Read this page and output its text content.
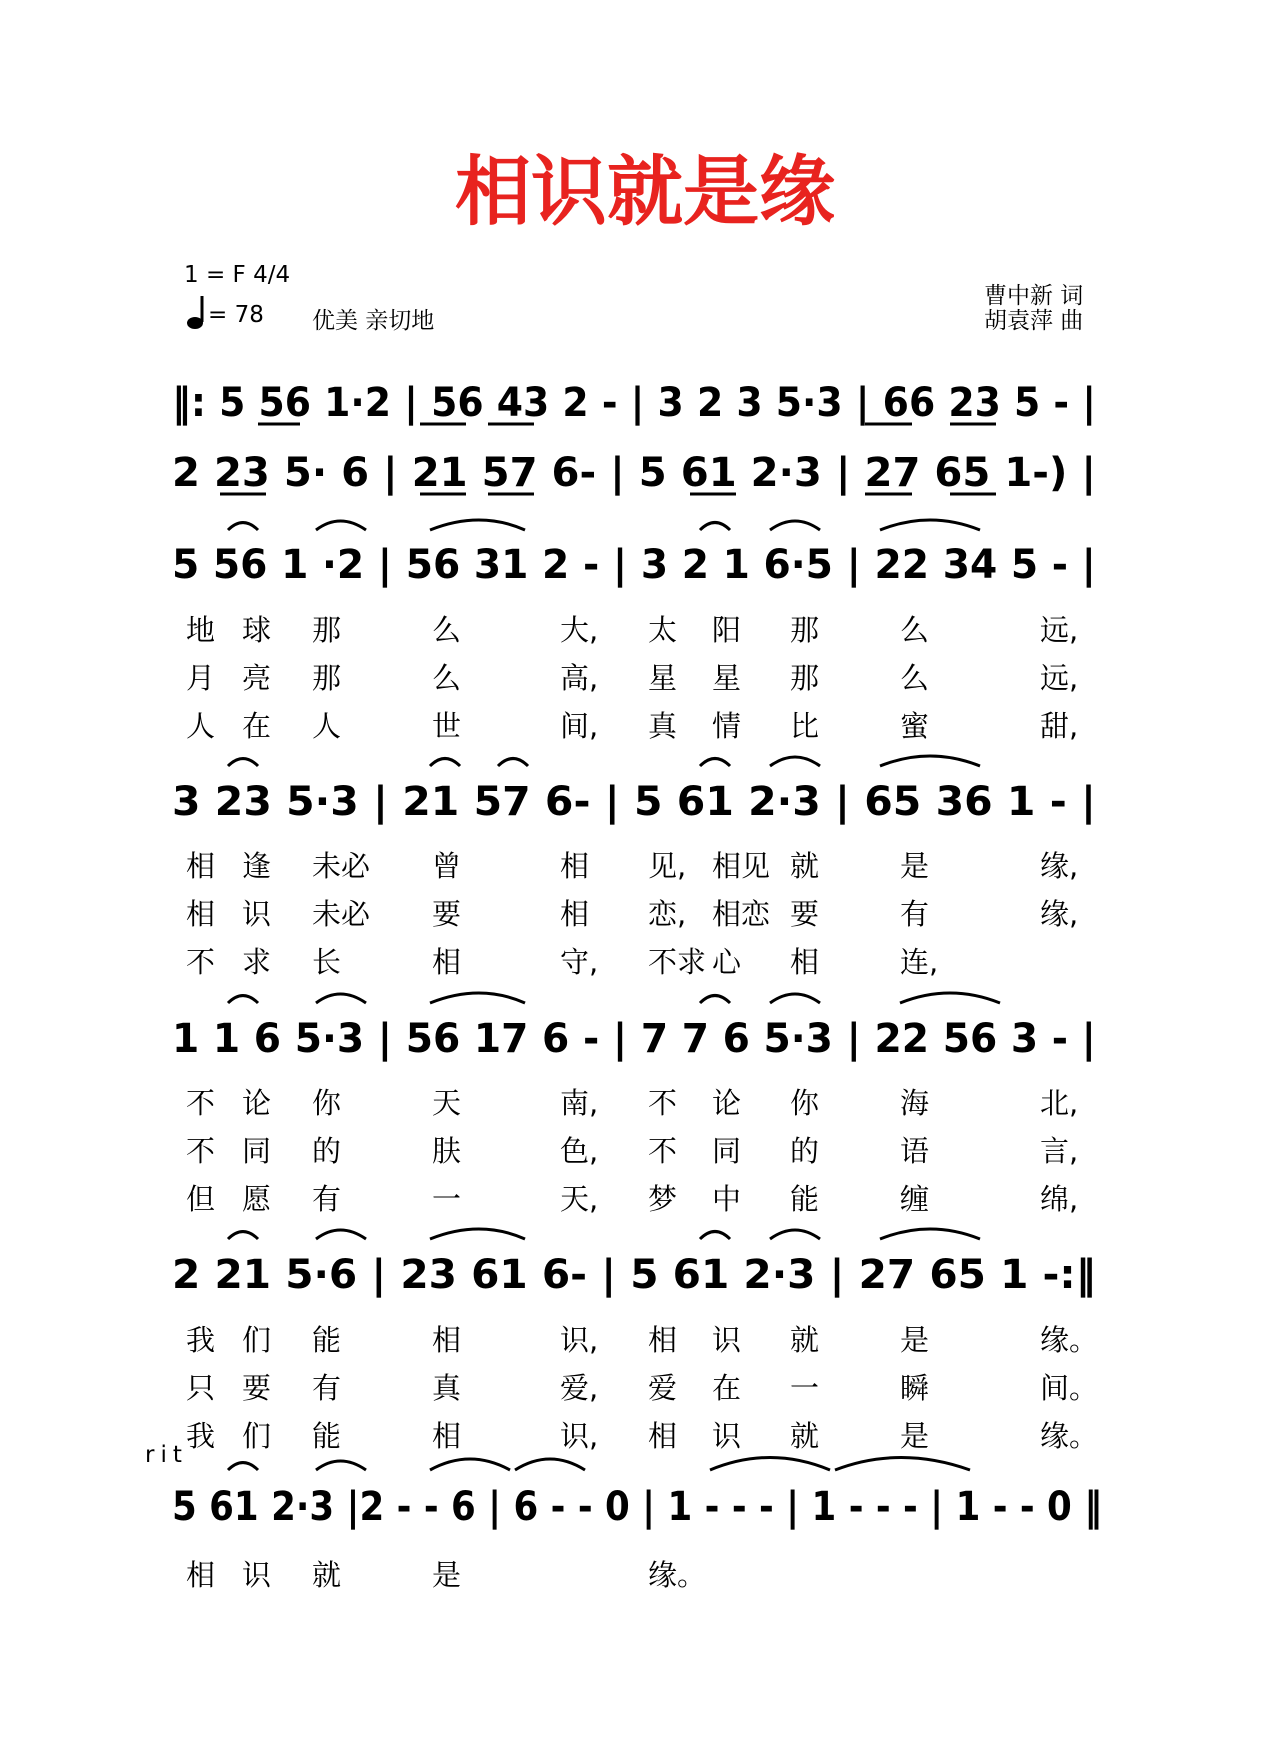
相识就是缘
1 = F 4/4
= 78 优美 亲切地
曹中新 词
胡袁萍 曲
‖: 5 56 1·2 | 56 43 2 - | 3 2 3 5·3 | 66 23 5 - |
2 23 5· 6 | 21 57 6- | 5 61 2·3 | 27 65 1-) |
5 56 1 ·2 | 56 31 2 - | 3 2 1 6·5 | 22 34 5 - |
3 23 5·3 | 21 57 6- | 5 61 2·3 | 65 36 1 - |
1 1 6 5·3 | 56 17 6 - | 7 7 6 5·3 | 22 56 3 - |
2 21 5·6 | 23 61 6- | 5 61 2·3 | 27 65 1 -:‖
rit
5 61 2·3 |2 - - 6 | 6 - - 0 | 1 - - - | 1 - - - | 1 - - 0 ‖
地 球 那	么	大, 太 阳 那	么	远,
月 亮 那	么	高, 星 星 那	么	远,
人 在 人	世	间, 真 情 比	蜜	甜,
相 逢 未必 曾	相 见, 相见 就	是	缘,
相 识 未必 要	相 恋, 相恋 要	有	缘,
不 求 长	相	守, 不求 心 相	连,
不 论 你	天	南, 不 论 你	海	北,
不 同 的	肤	色, 不 同 的	语	言,
但 愿 有	一	天, 梦 中 能	缠	绵,
我 们 能	相	识, 相 识 就	是	缘。
只 要 有	真	爱, 爱 在 一	瞬	间。
我 们 能	相	识, 相 识 就	是	缘。
相 识 就	是	缘。
